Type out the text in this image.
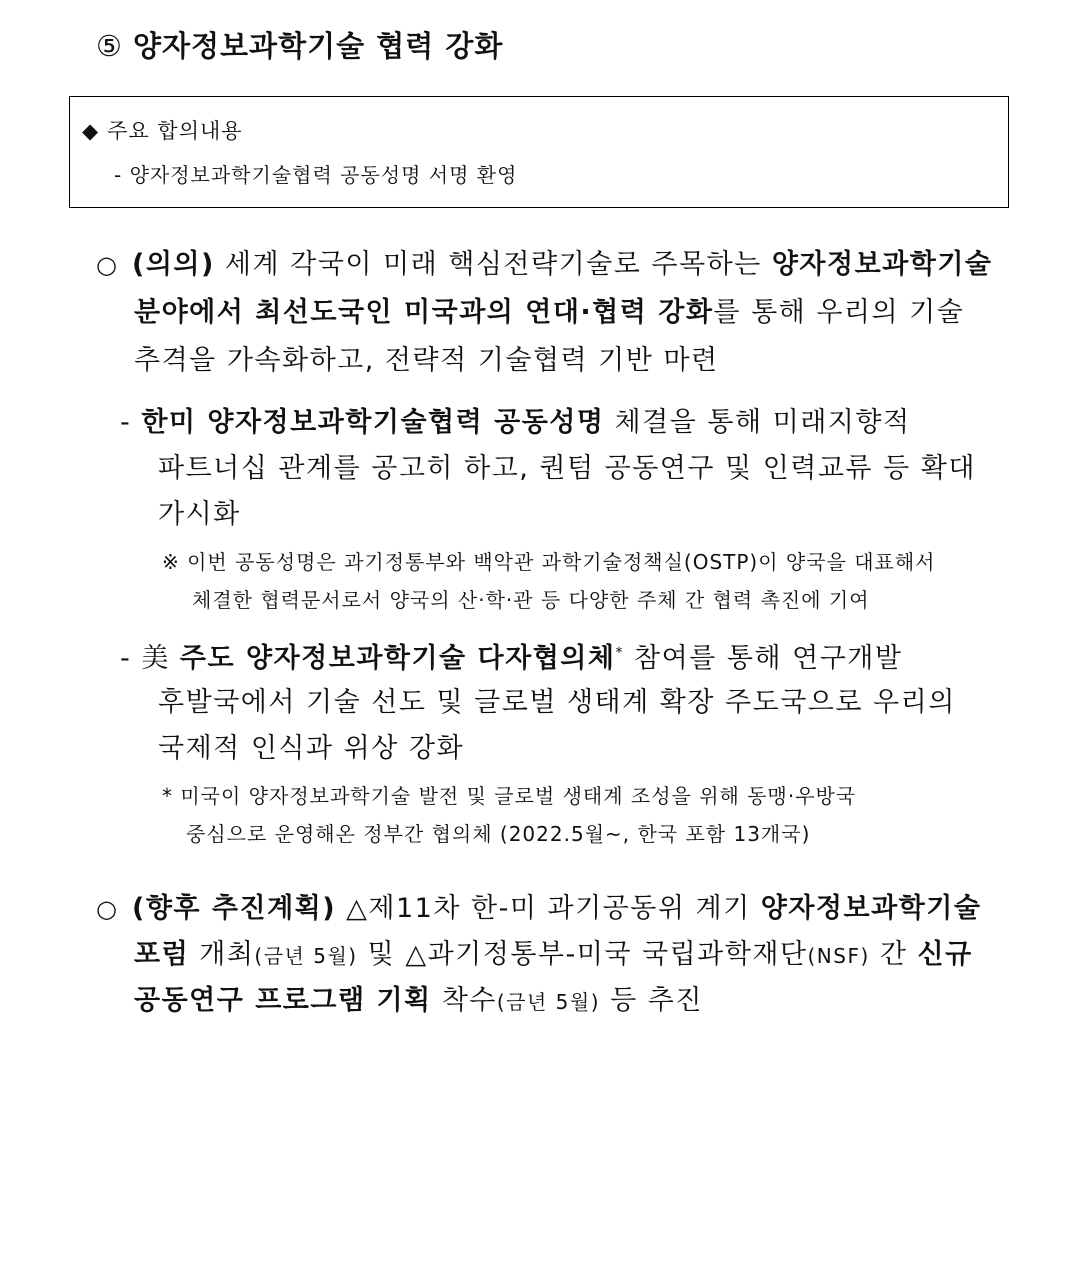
⑤ 양자정보과학기술 협력 강화
◆ 주요 합의내용
- 양자정보과학기술협력 공동성명 서명 환영
○ (의의) 세계 각국이 미래 핵심전략기술로 주목하는 양자정보과학기술
분야에서 최선도국인 미국과의 연대·협력 강화를 통해 우리의 기술
추격을 가속화하고, 전략적 기술협력 기반 마련
- 한미 양자정보과학기술협력 공동성명 체결을 통해 미래지향적
파트너십 관계를 공고히 하고, 퀀텀 공동연구 및 인력교류 등 확대
가시화
※ 이번 공동성명은 과기정통부와 백악관 과학기술정책실(OSTP)이 양국을 대표해서
체결한 협력문서로서 양국의 산·학·관 등 다양한 주체 간 협력 촉진에 기여
- 美 주도 양자정보과학기술 다자협의체* 참여를 통해 연구개발
후발국에서 기술 선도 및 글로벌 생태계 확장 주도국으로 우리의
국제적 인식과 위상 강화
* 미국이 양자정보과학기술 발전 및 글로벌 생태계 조성을 위해 동맹·우방국
중심으로 운영해온 정부간 협의체 (2022.5월~, 한국 포함 13개국)
○ (향후 추진계획) △제11차 한-미 과기공동위 계기 양자정보과학기술
포럼 개최(금년 5월) 및 △과기정통부-미국 국립과학재단(NSF) 간 신규
공동연구 프로그램 기획 착수(금년 5월) 등 추진
